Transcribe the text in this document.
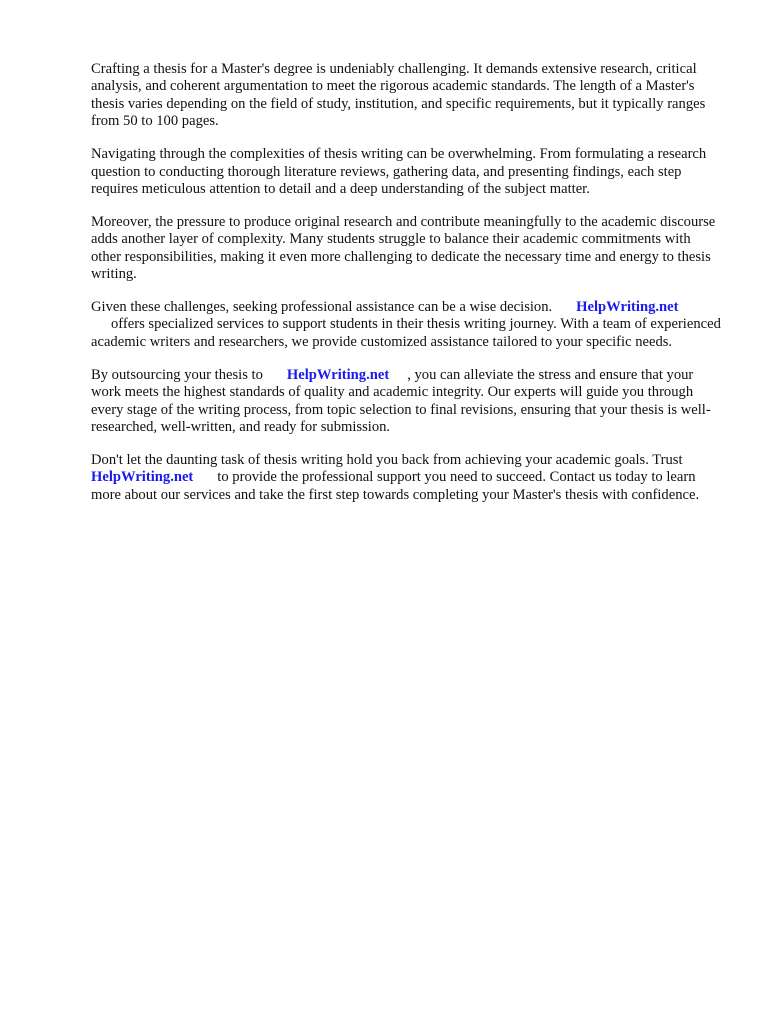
Crafting a thesis for a Master's degree is undeniably challenging. It demands extensive research, critical analysis, and coherent argumentation to meet the rigorous academic standards. The length of a Master's thesis varies depending on the field of study, institution, and specific requirements, but it typically ranges from 50 to 100 pages.

Navigating through the complexities of thesis writing can be overwhelming. From formulating a research question to conducting thorough literature reviews, gathering data, and presenting findings, each step requires meticulous attention to detail and a deep understanding of the subject matter.

Moreover, the pressure to produce original research and contribute meaningfully to the academic discourse adds another layer of complexity. Many students struggle to balance their academic commitments with other responsibilities, making it even more challenging to dedicate the necessary time and energy to thesis writing.

Given these challenges, seeking professional assistance can be a wise decision. HelpWriting.net
offers specialized services to support students in their thesis writing journey. With a team of experienced academic writers and researchers, we provide customized assistance tailored to your specific needs.

By outsourcing your thesis to HelpWriting.net , you can alleviate the stress and ensure that your work meets the highest standards of quality and academic integrity. Our experts will guide you through every stage of the writing process, from topic selection to final revisions, ensuring that your thesis is well-researched, well-written, and ready for submission.

Don't let the daunting task of thesis writing hold you back from achieving your academic goals. TrustHelpWriting.net to provide the professional support you need to succeed. Contact us today to learn more about our services and take the first step towards completing your Master's thesis with confidence.
